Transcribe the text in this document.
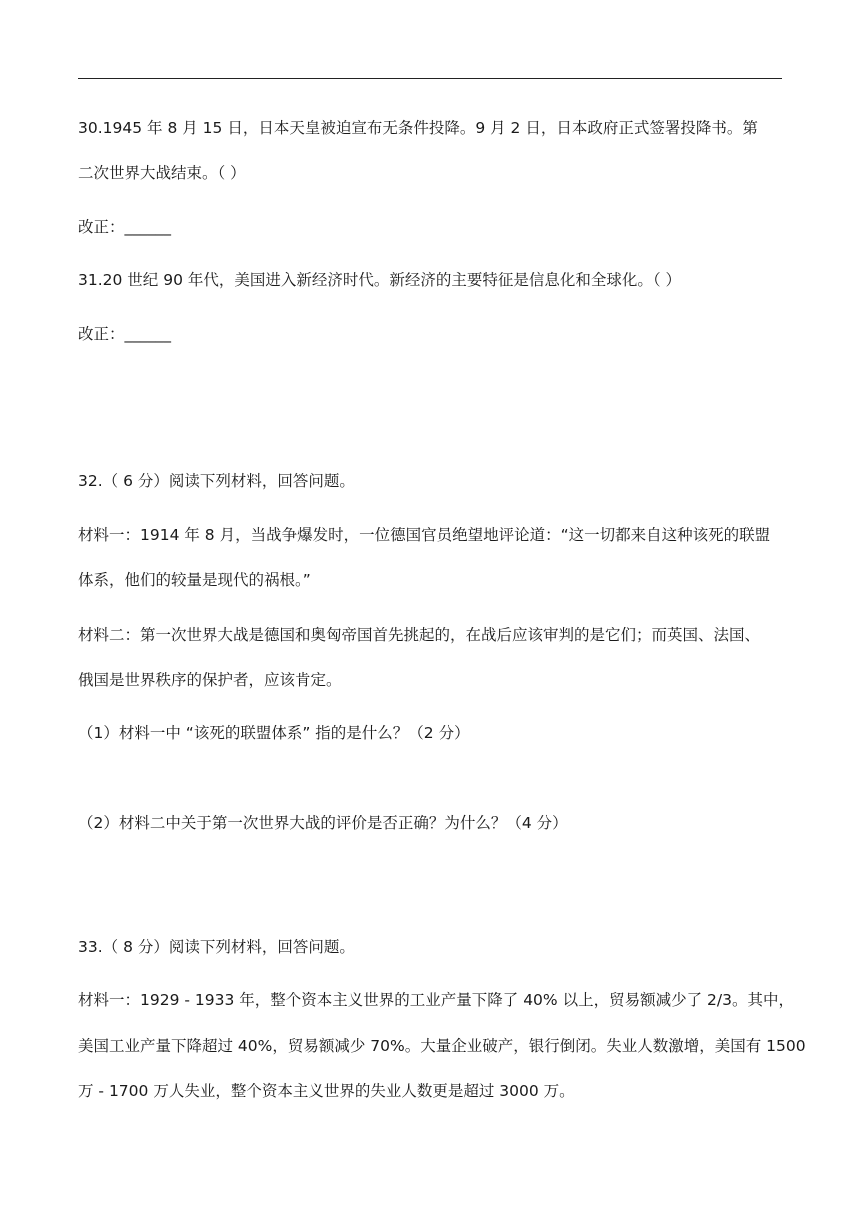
30.1945 年 8 月 15 日，日本天皇被迫宣布无条件投降。9 月 2 日，日本政府正式签署投降书。第
二次世界大战结束。（ ）
改正：______
31.20 世纪 90 年代，美国进入新经济时代。新经济的主要特征是信息化和全球化。（ ）
改正：______
32.（ 6 分）阅读下列材料，回答问题。
材料一：1914 年 8 月，当战争爆发时，一位德国官员绝望地评论道：“这一切都来自这种该死的联盟
体系，他们的较量是现代的祸根。”
材料二：第一次世界大战是德国和奥匈帝国首先挑起的，在战后应该审判的是它们；而英国、法国、
俄国是世界秩序的保护者，应该肯定。
（1）材料一中 “该死的联盟体系” 指的是什么？（2 分）
（2）材料二中关于第一次世界大战的评价是否正确？为什么？（4 分）
33.（ 8 分）阅读下列材料，回答问题。
材料一：1929 - 1933 年，整个资本主义世界的工业产量下降了 40% 以上，贸易额减少了 2/3。其中，
美国工业产量下降超过 40%，贸易额减少 70%。大量企业破产，银行倒闭。失业人数激增，美国有 1500
万 - 1700 万人失业，整个资本主义世界的失业人数更是超过 3000 万。
